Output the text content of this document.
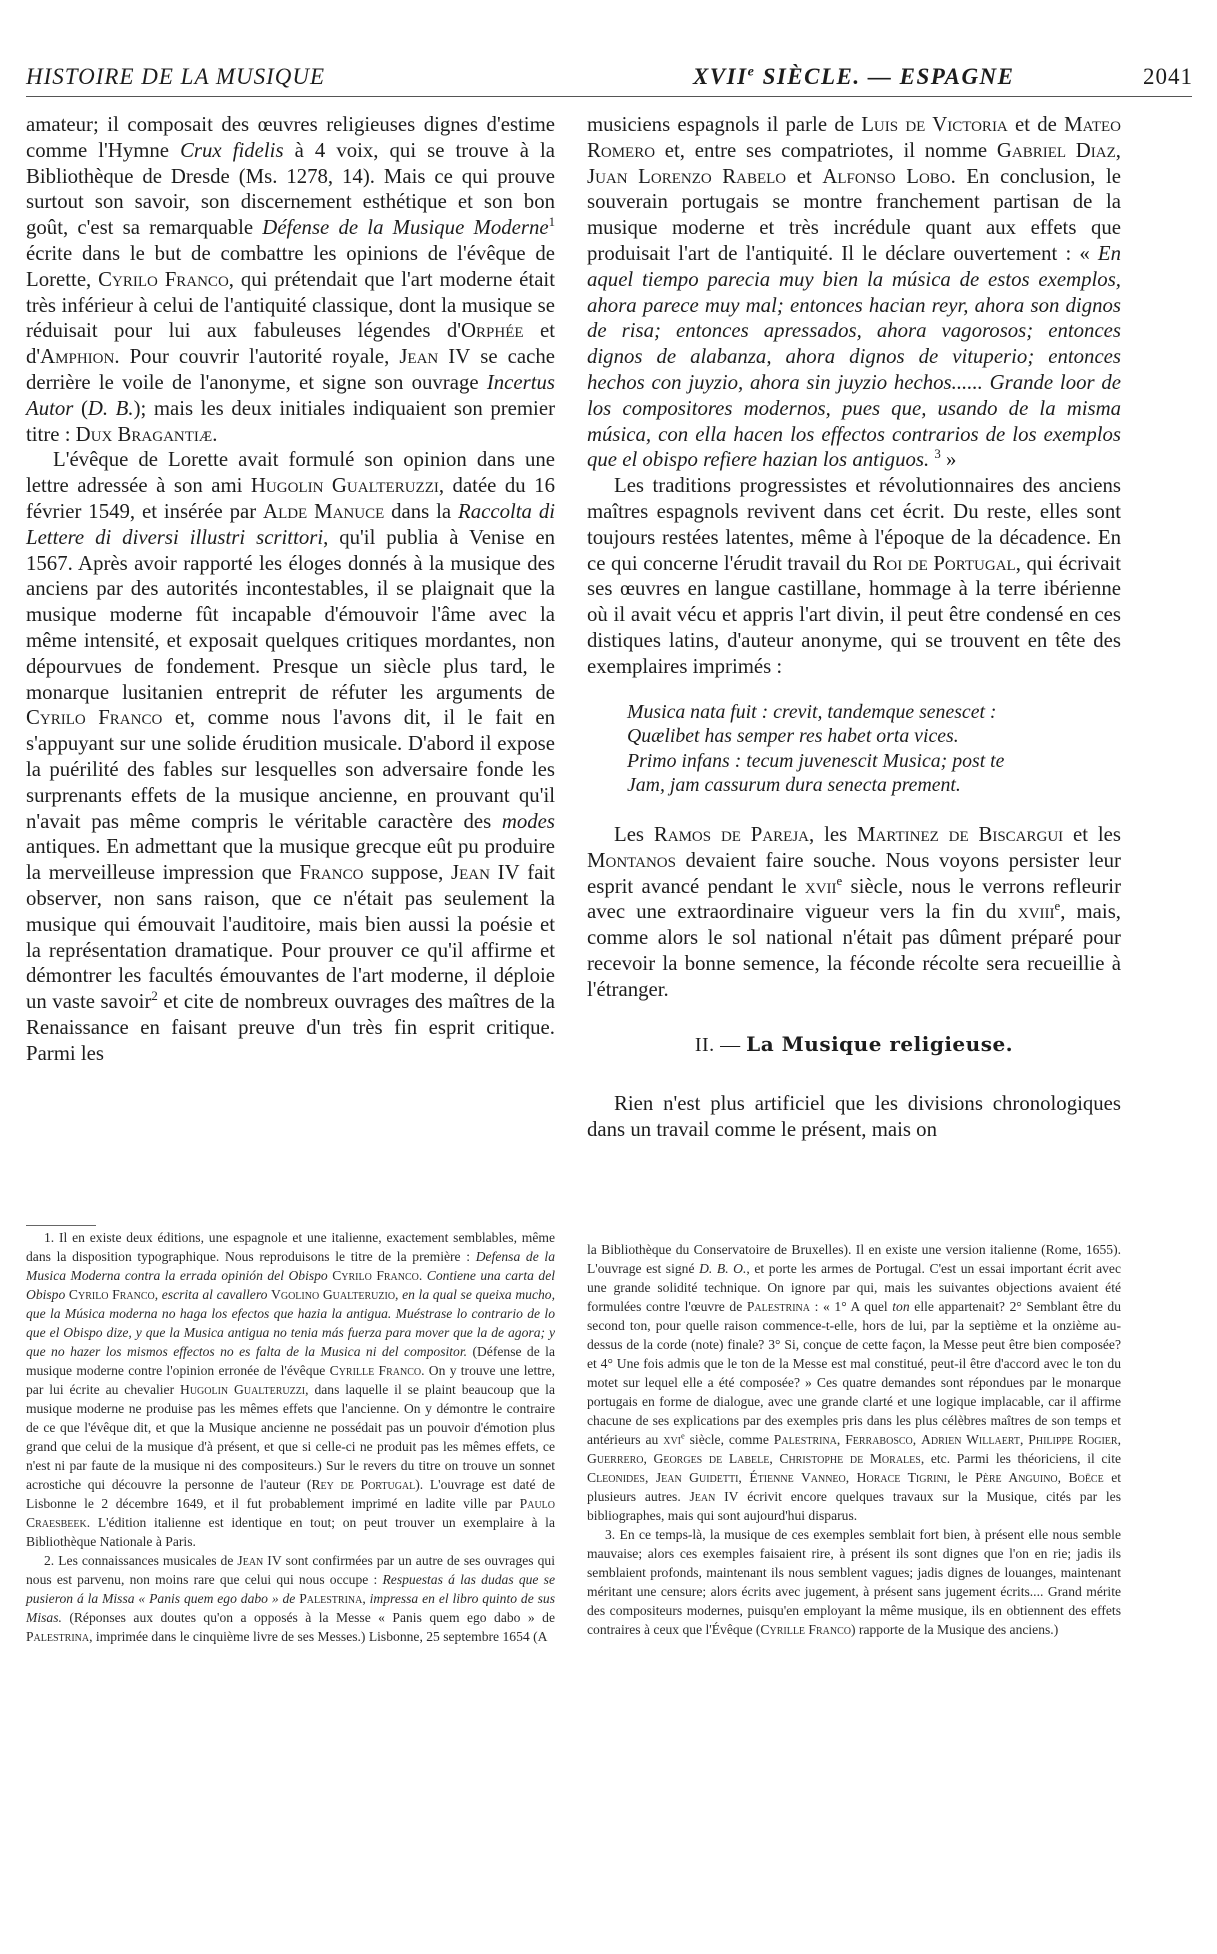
HISTOIRE DE LA MUSIQUE	XVIIe SIÈCLE. — ESPAGNE	2041

amateur; il composait des œuvres religieuses dignes d'estime comme l'Hymne Crux fidelis à 4 voix, qui se trouve à la Bibliothèque de Dresde (Ms. 1278, 14). Mais ce qui prouve surtout son savoir, son discernement esthétique et son bon goût, c'est sa remarquable Défense de la Musique Moderne$^1$ écrite dans le but de combattre les opinions de l'évêque de Lorette, Cyrilo Franco, qui prétendait que l'art moderne était très inférieur à celui de l'antiquité classique, dont la musique se réduisait pour lui aux fabuleuses légendes d'Orphée et d'Amphion. Pour couvrir l'autorité royale, Jean IV se cache derrière le voile de l'anonyme, et signe son ouvrage Incertus Autor (D. B.); mais les deux initiales indiquaient son premier titre : Dux Bragantiæ.

L'évêque de Lorette avait formulé son opinion dans une lettre adressée à son ami Hugolin Gualteruzzi, datée du 16 février 1549, et insérée par Alde Manuce dans la Raccolta di Lettere di diversi illustri scrittori, qu'il publia à Venise en 1567. Après avoir rapporté les éloges donnés à la musique des anciens par des autorités incontestables, il se plaignait que la musique moderne fût incapable d'émouvoir l'âme avec la même intensité, et exposait quelques critiques mordantes, non dépourvues de fondement. Presque un siècle plus tard, le monarque lusitanien entreprit de réfuter les arguments de Cyrilo Franco et, comme nous l'avons dit, il le fait en s'appuyant sur une solide érudition musicale. D'abord il expose la puérilité des fables sur lesquelles son adversaire fonde les surprenants effets de la musique ancienne, en prouvant qu'il n'avait pas même compris le véritable caractère des modes antiques. En admettant que la musique grecque eût pu produire la merveilleuse impression que Franco suppose, Jean IV fait observer, non sans raison, que ce n'était pas seulement la musique qui émouvait l'auditoire, mais bien aussi la poésie et la représentation dramatique. Pour prouver ce qu'il affirme et démontrer les facultés émouvantes de l'art moderne, il déploie un vaste savoir$^2$ et cite de nombreux ouvrages des maîtres de la Renaissance en faisant preuve d'un très fin esprit critique. Parmi les

musiciens espagnols il parle de Luis de Victoria et de Mateo Romero et, entre ses compatriotes, il nomme Gabriel Diaz, Juan Lorenzo Rabelo et Alfonso Lobo. En conclusion, le souverain portugais se montre franchement partisan de la musique moderne et très incrédule quant aux effets que produisait l'art de l'antiquité. Il le déclare ouvertement : « En aquel tiempo parecia muy bien la música de estos exemplos, ahora parece muy mal; entonces hacian reyr, ahora son dignos de risa; entonces apressados, ahora vagorosos; entonces dignos de alabanza, ahora dignos de vituperio; entonces hechos con juyzio, ahora sin juyzio hechos...... Grande loor de los compositores modernos, pues que, usando de la misma música, con ella hacen los effectos contrarios de los exemplos que el obispo refiere hazian los antiguos. $^3$ »

Les traditions progressistes et révolutionnaires des anciens maîtres espagnols revivent dans cet écrit. Du reste, elles sont toujours restées latentes, même à l'époque de la décadence. En ce qui concerne l'érudit travail du Roi de Portugal, qui écrivait ses œuvres en langue castillane, hommage à la terre ibérienne où il avait vécu et appris l'art divin, il peut être condensé en ces distiques latins, d'auteur anonyme, qui se trouvent en tête des exemplaires imprimés :

Musica nata fuit : crevit, tandemque senescet :
Quælibet has semper res habet orta vices.
Primo infans : tecum juvenescit Musica; post te
Jam, jam cassurum dura senecta prement.

Les Ramos de Pareja, les Martinez de Biscargui et les Montanos devaient faire souche. Nous voyons persister leur esprit avancé pendant le xvii$^e$ siècle, nous le verrons refleurir avec une extraordinaire vigueur vers la fin du xviii$^e$, mais, comme alors le sol national n'était pas dûment préparé pour recevoir la bonne semence, la féconde récolte sera recueillie à l'étranger.

II. — La Musique religieuse.

Rien n'est plus artificiel que les divisions chronologiques dans un travail comme le présent, mais on

1. Il en existe deux éditions, une espagnole et une italienne, exactement semblables, même dans la disposition typographique. Nous reproduisons le titre de la première : Defensa de la Musica Moderna contra la errada opinión del Obispo Cyrilo Franco. Contiene una carta del Obispo Cyrilo Franco, escrita al cavallero Vgolino Gualteruzio, en la qual se queixa mucho, que la Música moderna no haga los efectos que hazia la antigua. Muéstrase lo contrario de lo que el Obispo dize, y que la Musica antigua no tenia más fuerza para mover que la de agora; y que no hazer los mismos effectos no es falta de la Musica ni del compositor. (Défense de la musique moderne contre l'opinion erronée de l'évêque Cyrille Franco. On y trouve une lettre, par lui écrite au chevalier Hugolin Gualteruzzi, dans laquelle il se plaint beaucoup que la musique moderne ne produise pas les mêmes effets que l'ancienne. On y démontre le contraire de ce que l'évêque dit, et que la Musique ancienne ne possédait pas un pouvoir d'émotion plus grand que celui de la musique d'à présent, et que si celle-ci ne produit pas les mêmes effets, ce n'est ni par faute de la musique ni des compositeurs.) Sur le revers du titre on trouve un sonnet acrostiche qui découvre la personne de l'auteur (Rey de Portugal). L'ouvrage est daté de Lisbonne le 2 décembre 1649, et il fut probablement imprimé en ladite ville par Paulo Craesbeek. L'édition italienne est identique en tout; on peut trouver un exemplaire à la Bibliothèque Nationale à Paris.

2. Les connaissances musicales de Jean IV sont confirmées par un autre de ses ouvrages qui nous est parvenu, non moins rare que celui qui nous occupe : Respuestas á las dudas que se pusieron á la Missa « Panis quem ego dabo » de Palestrina, impressa en el libro quinto de sus Misas. (Réponses aux doutes qu'on a opposés à la Messe « Panis quem ego dabo » de Palestrina, imprimée dans le cinquième livre de ses Messes.) Lisbonne, 25 septembre 1654 (A

la Bibliothèque du Conservatoire de Bruxelles). Il en existe une version italienne (Rome, 1655). L'ouvrage est signé D. B. O., et porte les armes de Portugal. C'est un essai important écrit avec une grande solidité technique. On ignore par qui, mais les suivantes objections avaient été formulées contre l'œuvre de Palestrina : « 1° A quel ton elle appartenait? 2° Semblant être du second ton, pour quelle raison commence-t-elle, hors de lui, par la septième et la onzième au-dessus de la corde (note) finale? 3° Si, conçue de cette façon, la Messe peut être bien composée? et 4° Une fois admis que le ton de la Messe est mal constitué, peut-il être d'accord avec le ton du motet sur lequel elle a été composée? » Ces quatre demandes sont répondues par le monarque portugais en forme de dialogue, avec une grande clarté et une logique implacable, car il affirme chacune de ses explications par des exemples pris dans les plus célèbres maîtres de son temps et antérieurs au xvi$^e$ siècle, comme Palestrina, Ferrabosco, Adrien Willaert, Philippe Rogier, Guerrero, Georges de Labele, Christophe de Morales, etc. Parmi les théoriciens, il cite Cleonides, Jean Guidetti, Étienne Vanneo, Horace Tigrini, le Père Anguino, Boëce et plusieurs autres. Jean IV écrivit encore quelques travaux sur la Musique, cités par les bibliographes, mais qui sont aujourd'hui disparus.

3. En ce temps-là, la musique de ces exemples semblait fort bien, à présent elle nous semble mauvaise; alors ces exemples faisaient rire, à présent ils sont dignes que l'on en rie; jadis ils semblaient profonds, maintenant ils nous semblent vagues; jadis dignes de louanges, maintenant méritant une censure; alors écrits avec jugement, à présent sans jugement écrits.... Grand mérite des compositeurs modernes, puisqu'en employant la même musique, ils en obtiennent des effets contraires à ceux que l'Évêque (Cyrille Franco) rapporte de la Musique des anciens.)
